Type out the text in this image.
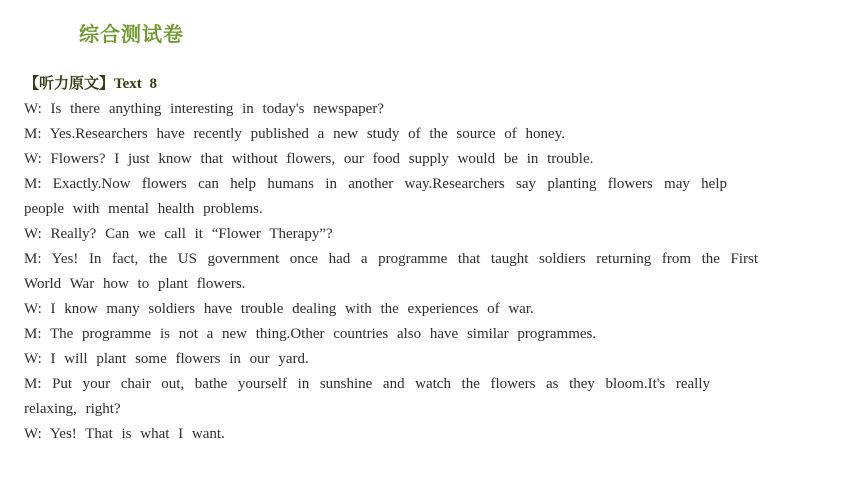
综合测试卷
【听力原文】Text 8
W: Is there anything interesting in today's newspaper?
M: Yes.Researchers have recently published a new study of the source of honey.
W: Flowers? I just know that without flowers, our food supply would be in trouble.
M: Exactly.Now flowers can help humans in another way.Researchers say planting flowers may help
people with mental health problems.
W: Really? Can we call it “Flower Therapy”?
M: Yes! In fact, the US government once had a programme that taught soldiers returning from the First
World War how to plant flowers.
W: I know many soldiers have trouble dealing with the experiences of war.
M: The programme is not a new thing.Other countries also have similar programmes.
W: I will plant some flowers in our yard.
M: Put your chair out, bathe yourself in sunshine and watch the flowers as they bloom.It's really
relaxing, right?
W: Yes! That is what I want.
